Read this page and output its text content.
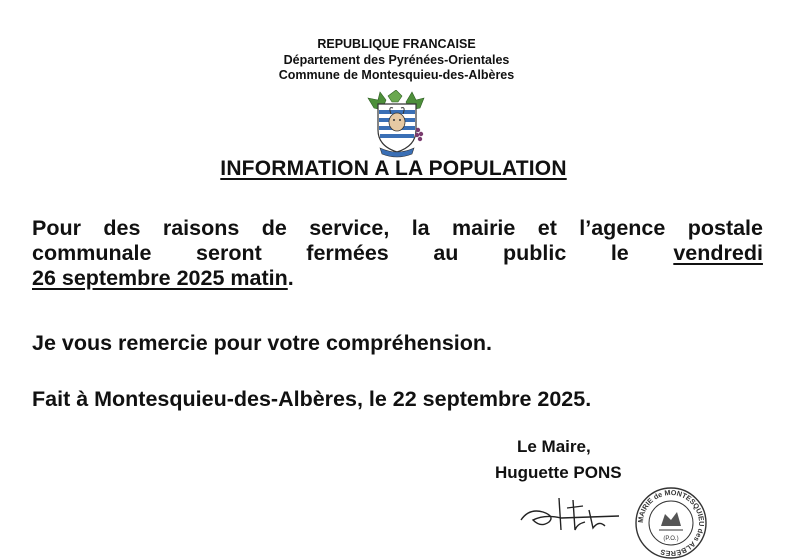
REPUBLIQUE FRANCAISE
Département des Pyrénées-Orientales
Commune de Montesquieu-des-Albères
INFORMATION A LA POPULATION
Pour des raisons de service, la mairie et l’agence postale
communale seront fermées au public le vendredi
26 septembre 2025 matin .
Je vous remercie pour votre compréhension.
Fait à Montesquieu-des-Albères, le 22 septembre 2025.
Le Maire,
Huguette PONS
MAIRIE de MONTESQUIEU des ALBÈRES
(P.O.)
